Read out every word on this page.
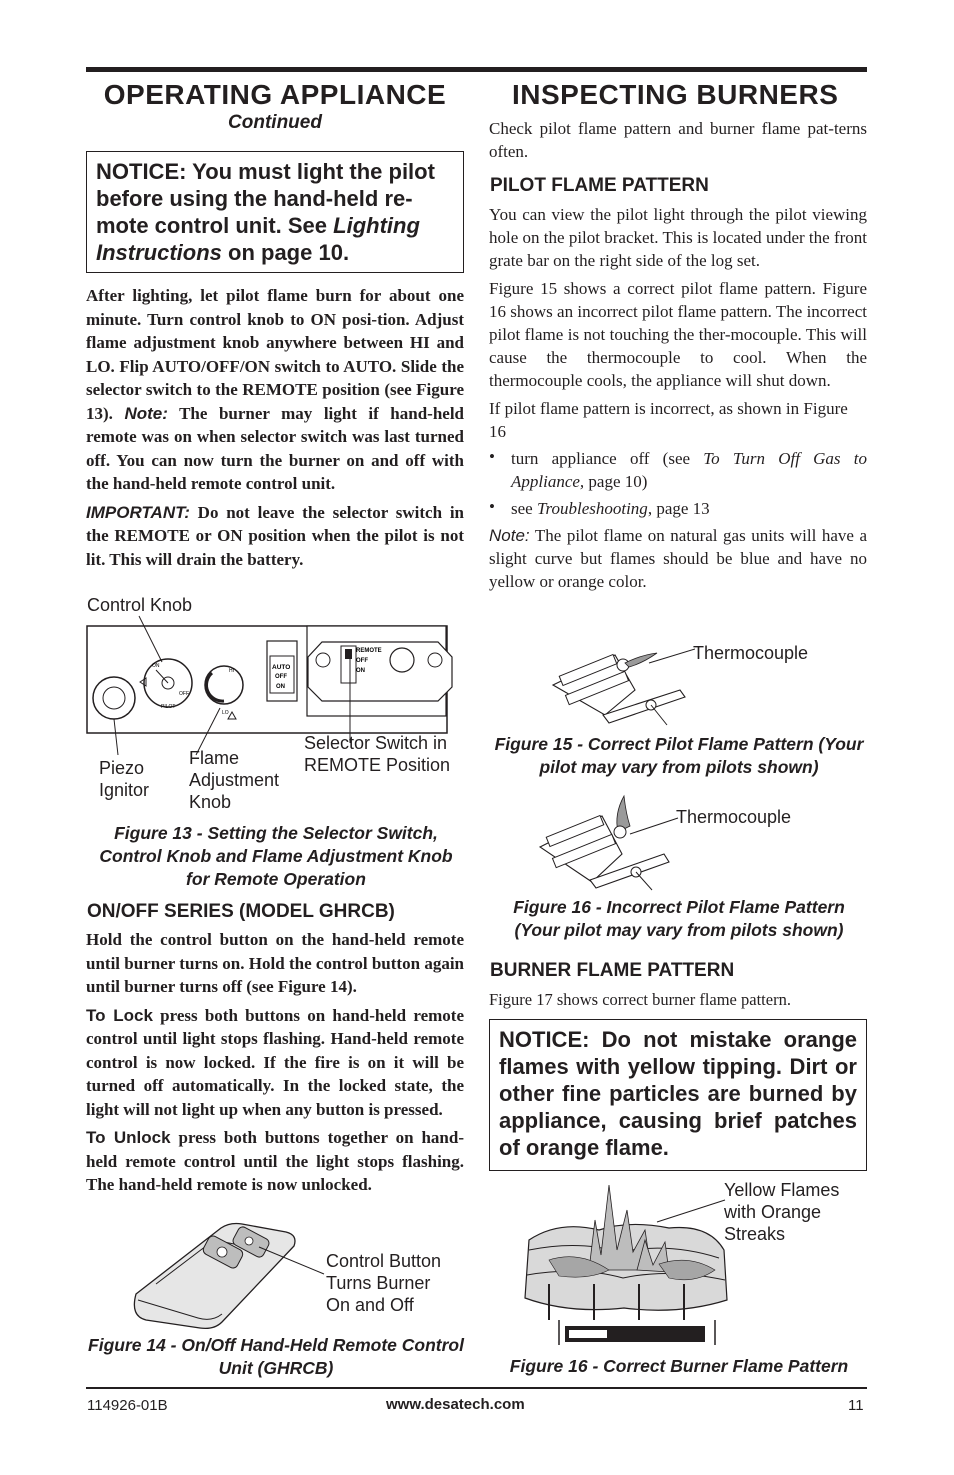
OPERATING APPLIANCE
Continued
NOTICE: You must light the pilot before using the hand-held re-mote control unit. See Lighting Instructions on page 10.

After lighting, let pilot flame burn for about one minute. Turn control knob to ON posi-tion. Adjust flame adjustment knob anywhere between HI and LO. Flip AUTO/OFF/ON switch to AUTO. Slide the selector switch to the REMOTE position (see Figure 13). Note: The burner may light if hand-held remote was on when selector switch was last turned off. You can now turn the burner on and off with the hand-held remote control unit.

IMPORTANT: Do not leave the selector switch in the REMOTE or ON position when the pilot is not lit. This will drain the battery.

Control Knob
ON
OFF
PILOT
HI
LO
AUTO
OFF
ON
REMOTE
OFF
ON
Piezo
Ignitor
Flame
Adjustment
Knob
Selector Switch in
REMOTE Position
Figure 13 - Setting the Selector Switch, Control Knob and Flame Adjustment Knob for Remote Operation
ON/OFF SERIES (MODEL GHRCB)

Hold the control button on the hand-held remote until burner turns on. Hold the control button again until burner turns off (see Figure 14).

To Lock press both buttons on hand-held remote control until light stops flashing. Hand-held remote control is now locked. If the fire is on it will be turned off automatically. In the locked state, the light will not light up when any button is pressed.

To Unlock press both buttons together on hand-held remote control until the light stops flashing. The hand-held remote is now unlocked.

Control Button
Turns Burner
On and Off
Figure 14 - On/Off Hand-Held Remote Control Unit (GHRCB)
INSPECTING BURNERS

Check pilot flame pattern and burner flame pat-terns often.

PILOT FLAME PATTERN

You can view the pilot light through the pilot viewing hole on the pilot bracket. This is located under the front grate bar on the right side of the log set.

Figure 15 shows a correct pilot flame pattern. Figure 16 shows an incorrect pilot flame pattern. The incorrect pilot flame is not touching the ther-mocouple. This will cause the thermocouple to cool. When the thermocouple cools, the appliance will shut down.

If pilot flame pattern is incorrect, as shown in Figure 16

• turn appliance off (see To Turn Off Gas to Appliance, page 10)

• see Troubleshooting, page 13

Note: The pilot flame on natural gas units will have a slight curve but flames should be blue and have no yellow or orange color.

Thermocouple
Figure 15 - Correct Pilot Flame Pattern (Your pilot may vary from pilots shown)
Thermocouple
Figure 16 - Incorrect Pilot Flame Pattern (Your pilot may vary from pilots shown)
BURNER FLAME PATTERN

Figure 17 shows correct burner flame pattern.

NOTICE: Do not mistake orange flames with yellow tipping. Dirt or other fine particles are burned by appliance, causing brief patches of orange flame.
Yellow Flames
with Orange
Streaks
Figure 16 - Correct Burner Flame Pattern
114926-01B	www.desatech.com	11
